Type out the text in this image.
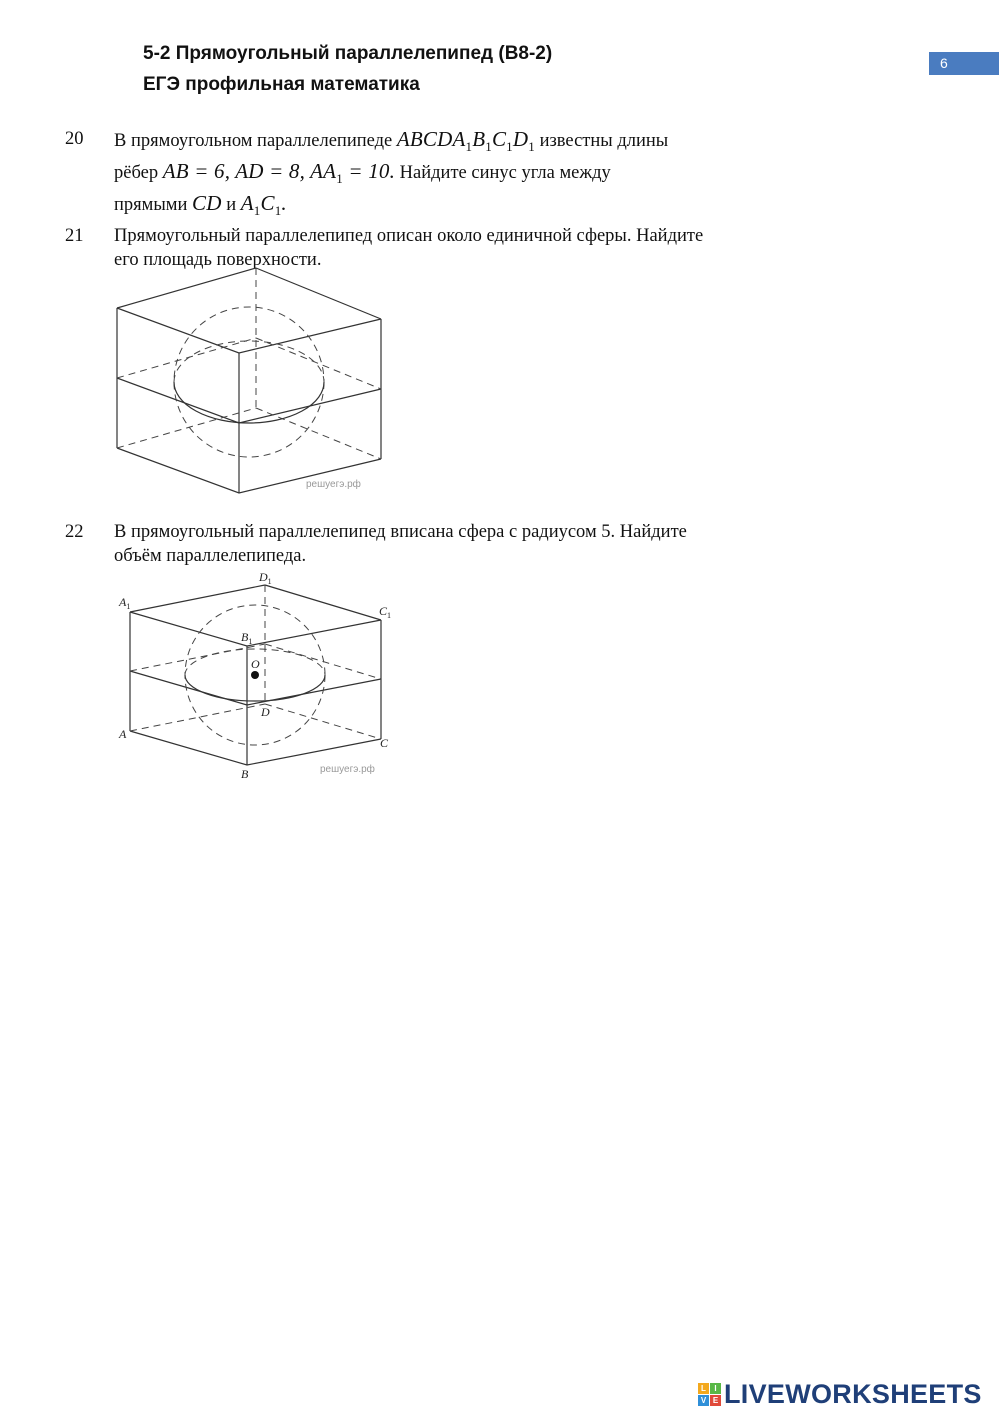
5-2 Прямоугольный параллелепипед (B8-2)
ЕГЭ профильная математика
6
20	В прямоугольном параллелепипеде $ABCDA_1B_1C_1D_1$ известны длины
рёбер AB = 6, AD = 8, $AA_1 = 10$. Найдите синус угла между
прямыми CD и $A_1C_1$.
21	Прямоугольный параллелепипед описан около единичной сферы. Найдите
его площадь поверхности.
решуегэ.рф
22	В прямоугольный параллелепипед вписана сфера с радиусом 5. Найдите
объём параллелепипеда.
$A_1$
$D_1$
$C_1$
$B_1$
O
D
A
C
B	решуегэ.рф
L	I
V E LIVEWORKSHEETS
